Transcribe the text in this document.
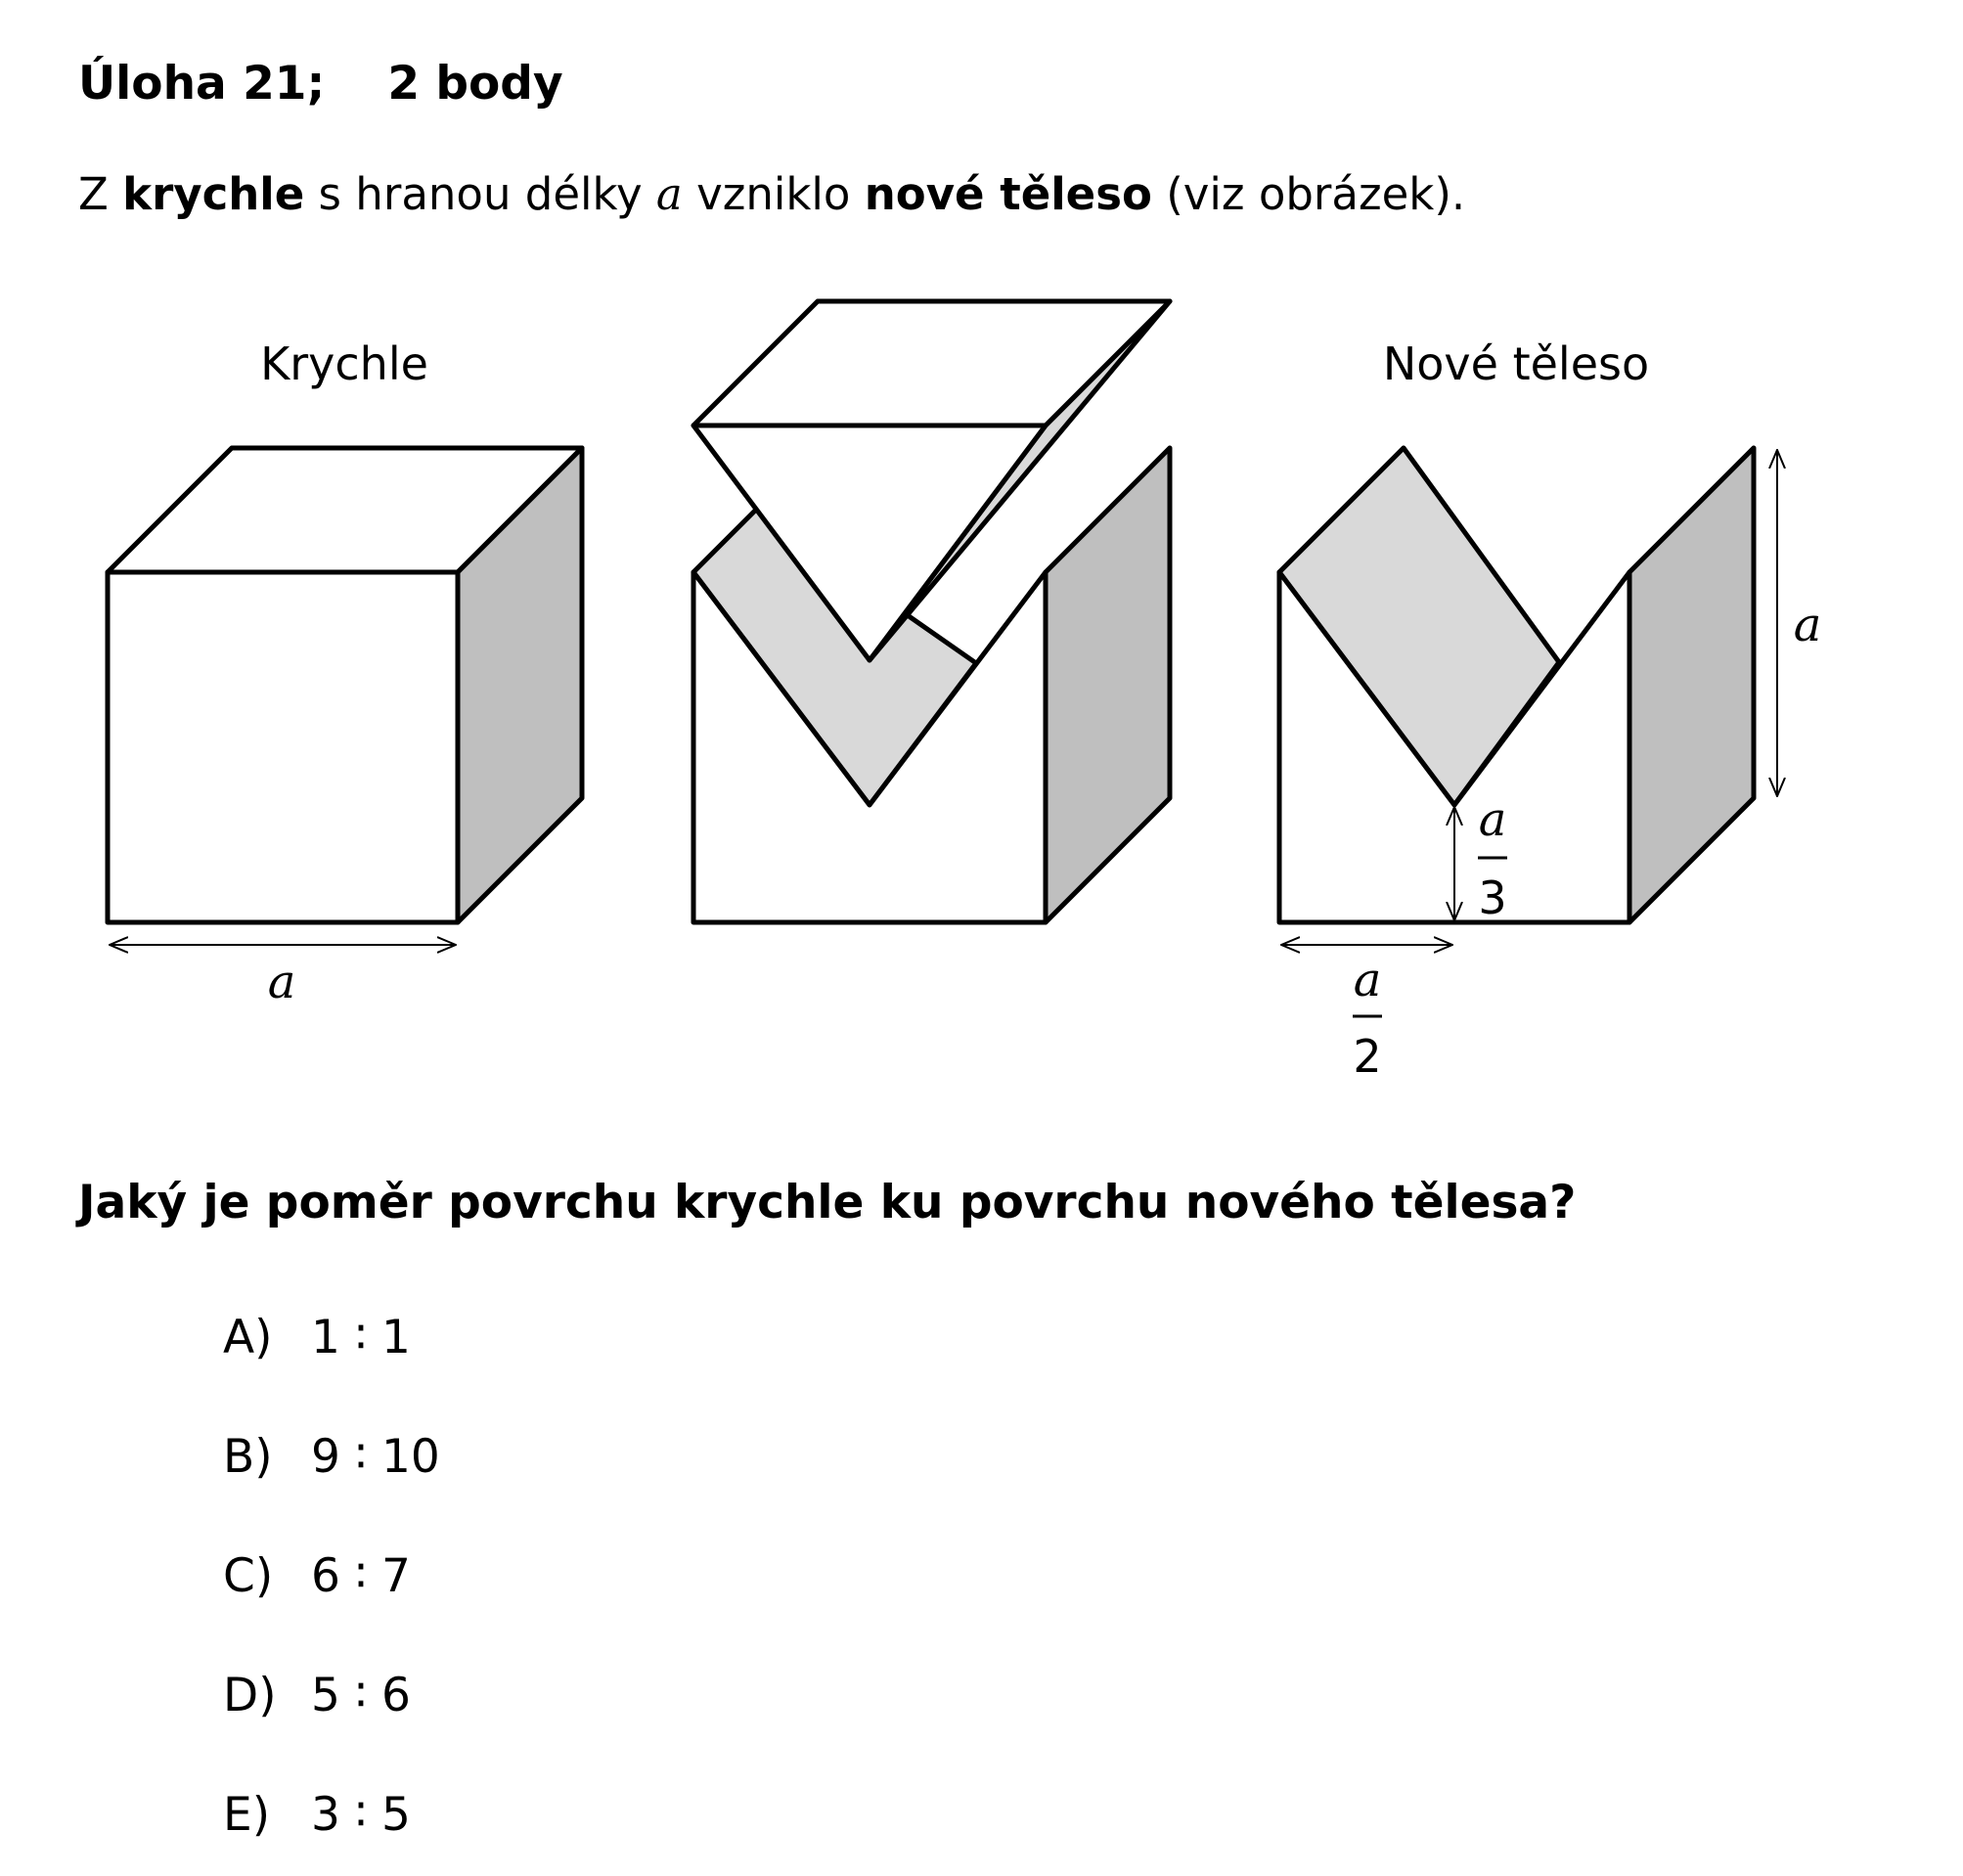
Úloha 21; 2 body
Z krychle s hranou délky a vzniklo nové těleso (viz obrázek).
Krychle
a
Nové těleso
a
a
3
a
2
Jaký je poměr povrchu krychle ku povrchu nového tělesa?
A) 1 ∶ 1
B) 9 ∶ 10
C) 6 ∶ 7
D) 5 ∶ 6
E) 3 ∶ 5
